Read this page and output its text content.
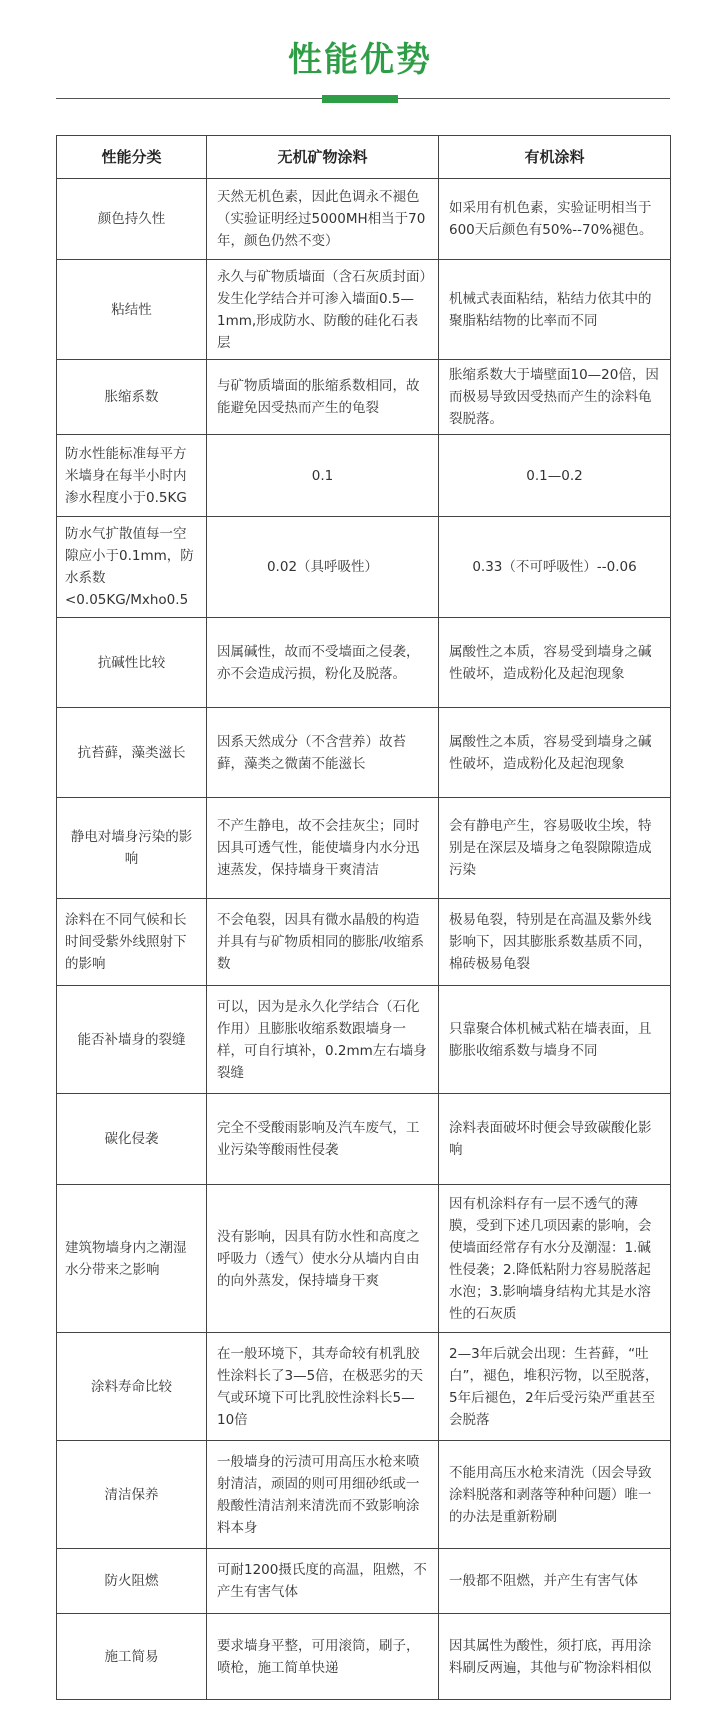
性能优势
性能分类	无机矿物涂料	有机涂料
颜色持久性	天然无机色素，因此色调永不褪色（实验证明经过5000MH相当于70年，颜色仍然不变）	如采用有机色素，实验证明相当于600天后颜色有50%--70%褪色。
粘结性	永久与矿物质墙面（含石灰质封面）发生化学结合并可渗入墙面0.5—1mm,形成防水、防酸的硅化石表层	机械式表面粘结，粘结力依其中的聚脂粘结物的比率而不同
胀缩系数	与矿物质墙面的胀缩系数相同，故能避免因受热而产生的龟裂	胀缩系数大于墙壁面10—20倍，因而极易导致因受热而产生的涂料龟裂脱落。
防水性能标准每平方米墙身在每半小时内渗水程度小于0.5KG	0.1	0.1—0.2
防水气扩散值每一空隙应小于0.1mm，防水系数<0.05KG/Mxho0.5	0.02（具呼吸性）	0.33（不可呼吸性）--0.06
抗碱性比较	因属碱性，故而不受墙面之侵袭，亦不会造成污损，粉化及脱落。	属酸性之本质，容易受到墙身之碱性破坏，造成粉化及起泡现象
抗苔藓，藻类滋长	因系天然成分（不含营养）故苔藓，藻类之微菌不能滋长	属酸性之本质，容易受到墙身之碱性破坏，造成粉化及起泡现象
静电对墙身污染的影响	不产生静电，故不会挂灰尘；同时因具可透气性，能使墙身内水分迅速蒸发，保持墙身干爽清洁	会有静电产生，容易吸收尘埃，特别是在深层及墙身之龟裂隙隙造成污染
涂料在不同气候和长时间受紫外线照射下的影响	不会龟裂，因具有微水晶般的构造并具有与矿物质相同的膨胀/收缩系数	极易龟裂，特别是在高温及紫外线影响下，因其膨胀系数基质不同，棉砖极易龟裂
能否补墙身的裂缝	可以，因为是永久化学结合（石化作用）且膨胀收缩系数跟墙身一样，可自行填补，0.2mm左右墙身裂缝	只靠聚合体机械式粘在墙表面，且膨胀收缩系数与墙身不同
碳化侵袭	完全不受酸雨影响及汽车废气，工业污染等酸雨性侵袭	涂料表面破坏时便会导致碳酸化影响
建筑物墙身内之潮湿水分带来之影响	没有影响，因具有防水性和高度之呼吸力（透气）使水分从墙内自由的向外蒸发，保持墙身干爽	因有机涂料存有一层不透气的薄膜，受到下述几项因素的影响，会使墙面经常存有水分及潮湿：1.碱性侵袭；2.降低粘附力容易脱落起水泡；3.影响墙身结构尤其是水溶性的石灰质
涂料寿命比较	在一般环境下，其寿命较有机乳胶性涂料长了3—5倍，在极恶劣的天气或环境下可比乳胶性涂料长5—10倍	2—3年后就会出现：生苔藓，“吐白”，褪色，堆积污物，以至脱落，5年后褪色，2年后受污染严重甚至会脱落
清洁保养	一般墙身的污渍可用高压水枪来喷射清洁，顽固的则可用细砂纸或一般酸性清洁剂来清洗而不致影响涂料本身	不能用高压水枪来清洗（因会导致涂料脱落和剥落等种种问题）唯一的办法是重新粉刷
防火阻燃	可耐1200摄氏度的高温，阻燃，不产生有害气体	一般都不阻燃，并产生有害气体
施工简易	要求墙身平整，可用滚筒，刷子，喷枪，施工简单快递	因其属性为酸性，须打底，再用涂料刷反两遍，其他与矿物涂料相似
